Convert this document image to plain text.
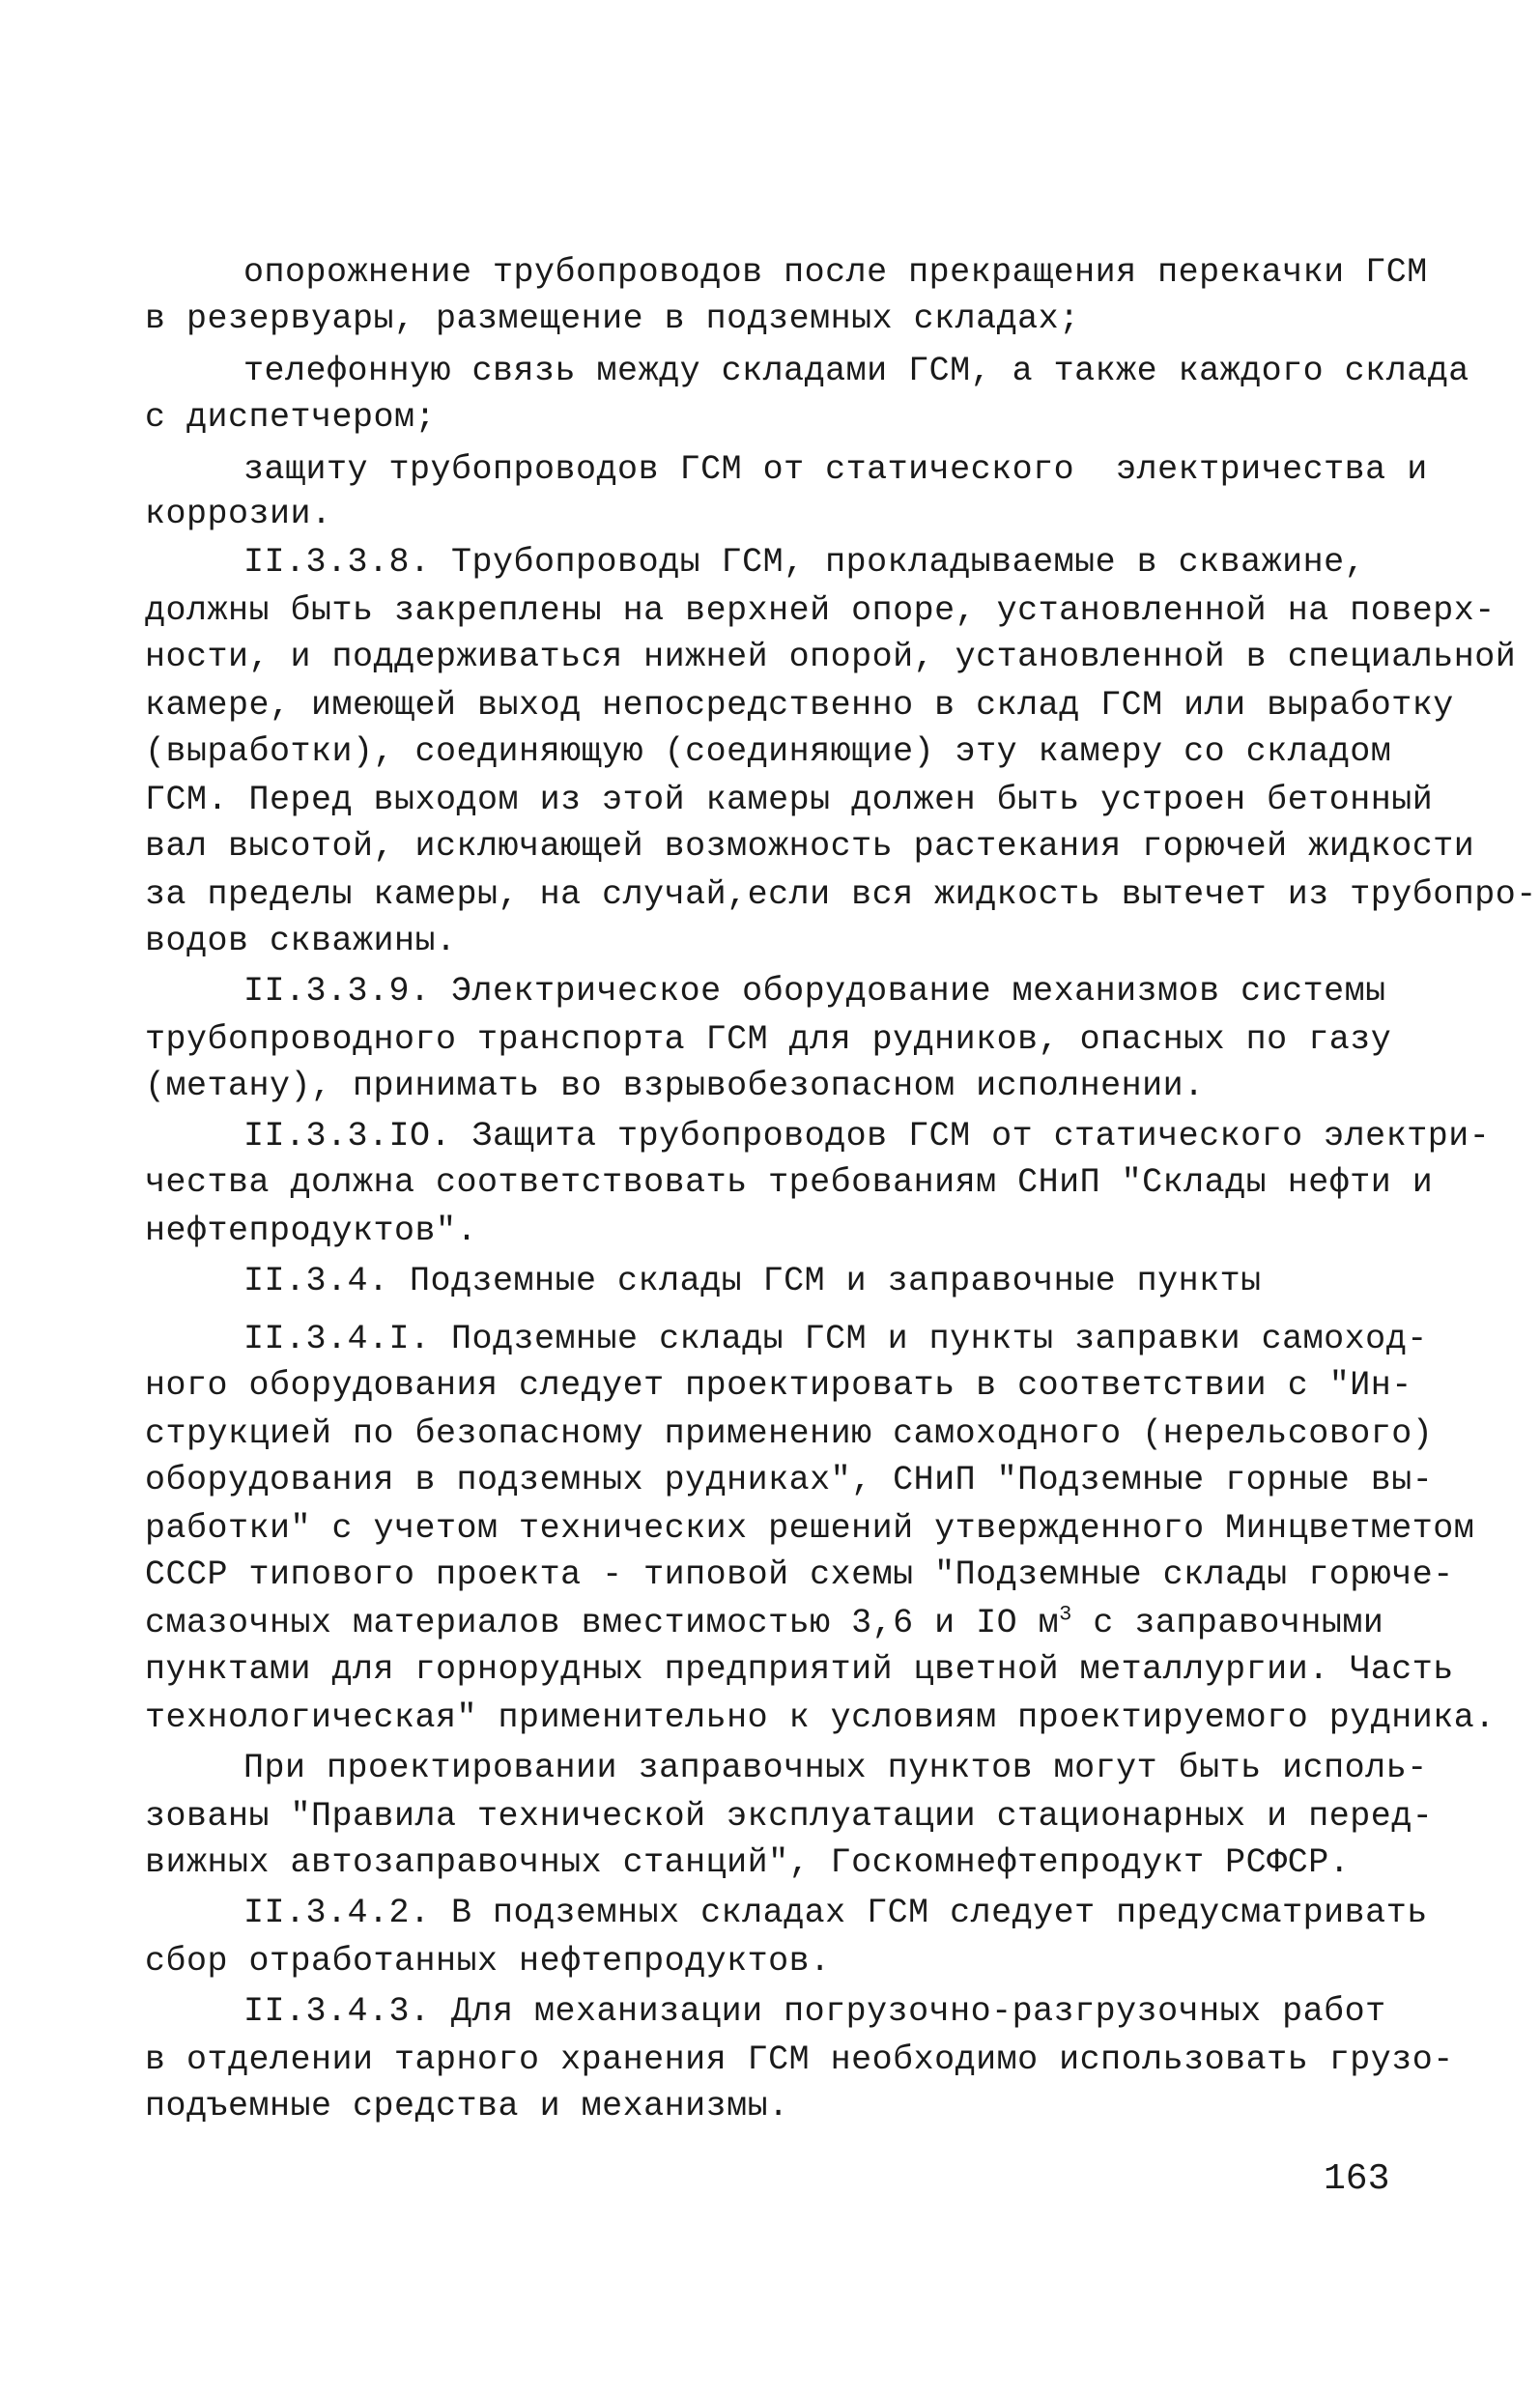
опорожнение трубопроводов после прекращения перекачки ГСМ
в резервуары, размещение в подземных складах;
телефонную связь между складами ГСМ, а также каждого склада
с диспетчером;
защиту трубопроводов ГСМ от статического  электричества и
коррозии.
II.3.3.8. Трубопроводы ГСМ, прокладываемые в скважине,
должны быть закреплены на верхней опоре, установленной на поверх-
ности, и поддерживаться нижней опорой, установленной в специальной
камере, имеющей выход непосредственно в склад ГСМ или выработку
(выработки), соединяющую (соединяющие) эту камеру со складом
ГСМ. Перед выходом из этой камеры должен быть устроен бетонный
вал высотой, исключающей возможность растекания горючей жидкости
за пределы камеры, на случай,если вся жидкость вытечет из трубопро-
водов скважины.
II.3.3.9. Электрическое оборудование механизмов системы
трубопроводного транспорта ГСМ для рудников, опасных по газу
(метану), принимать во взрывобезопасном исполнении.
II.3.3.IO. Защита трубопроводов ГСМ от статического электри-
чества должна соответствовать требованиям СНиП "Склады нефти и
нефтепродуктов".
II.3.4. Подземные склады ГСМ и заправочные пункты
II.3.4.I. Подземные склады ГСМ и пункты заправки самоход-
ного оборудования следует проектировать в соответствии с "Ин-
струкцией по безопасному применению самоходного (нерельсового)
оборудования в подземных рудниках", СНиП "Подземные горные вы-
работки" с учетом технических решений утвержденного Минцветметом
СССР типового проекта - типовой схемы "Подземные склады горюче-
смазочных материалов вместимостью 3,6 и IO $м^3$ с заправочными
пунктами для горнорудных предприятий цветной металлургии. Часть
технологическая" применительно к условиям проектируемого рудника.
При проектировании заправочных пунктов могут быть исполь-
зованы "Правила технической эксплуатации стационарных и перед-
вижных автозаправочных станций", Госкомнефтепродукт РСФСР.
II.3.4.2. В подземных складах ГСМ следует предусматривать
сбор отработанных нефтепродуктов.
II.3.4.3. Для механизации погрузочно-разгрузочных работ
в отделении тарного хранения ГСМ необходимо использовать грузо-
подъемные средства и механизмы.
163
